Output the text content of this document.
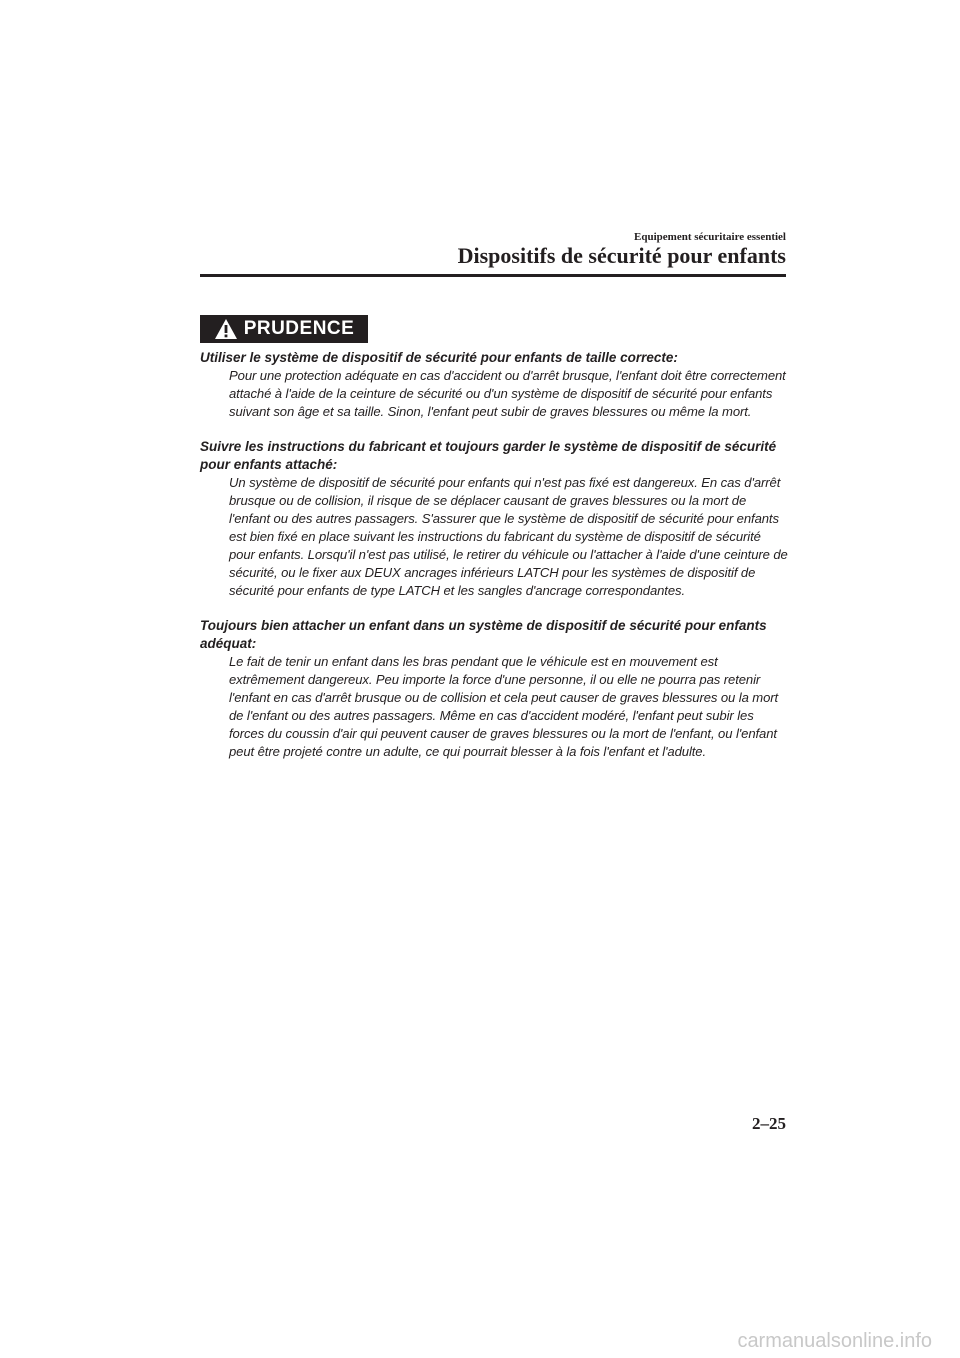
Equipement sécuritaire essentiel
Dispositifs de sécurité pour enfants
PRUDENCE

Utiliser le système de dispositif de sécurité pour enfants de taille correcte:

Pour une protection adéquate en cas d'accident ou d'arrêt brusque, l'enfant doit être correctement attaché à l'aide de la ceinture de sécurité ou d'un système de dispositif de sécurité pour enfants suivant son âge et sa taille. Sinon, l'enfant peut subir de graves blessures ou même la mort.

Suivre les instructions du fabricant et toujours garder le système de dispositif de sécurité pour enfants attaché:

Un système de dispositif de sécurité pour enfants qui n'est pas fixé est dangereux. En cas d'arrêt brusque ou de collision, il risque de se déplacer causant de graves blessures ou la mort de l'enfant ou des autres passagers. S'assurer que le système de dispositif de sécurité pour enfants est bien fixé en place suivant les instructions du fabricant du système de dispositif de sécurité pour enfants. Lorsqu'il n'est pas utilisé, le retirer du véhicule ou l'attacher à l'aide d'une ceinture de sécurité, ou le fixer aux DEUX ancrages inférieurs LATCH pour les systèmes de dispositif de sécurité pour enfants de type LATCH et les sangles d'ancrage correspondantes.

Toujours bien attacher un enfant dans un système de dispositif de sécurité pour enfants adéquat:

Le fait de tenir un enfant dans les bras pendant que le véhicule est en mouvement est extrêmement dangereux. Peu importe la force d'une personne, il ou elle ne pourra pas retenir l'enfant en cas d'arrêt brusque ou de collision et cela peut causer de graves blessures ou la mort de l'enfant ou des autres passagers. Même en cas d'accident modéré, l'enfant peut subir les forces du coussin d'air qui peuvent causer de graves blessures ou la mort de l'enfant, ou l'enfant peut être projeté contre un adulte, ce qui pourrait blesser à la fois l'enfant et l'adulte.

2–25
carmanualsonline.info
